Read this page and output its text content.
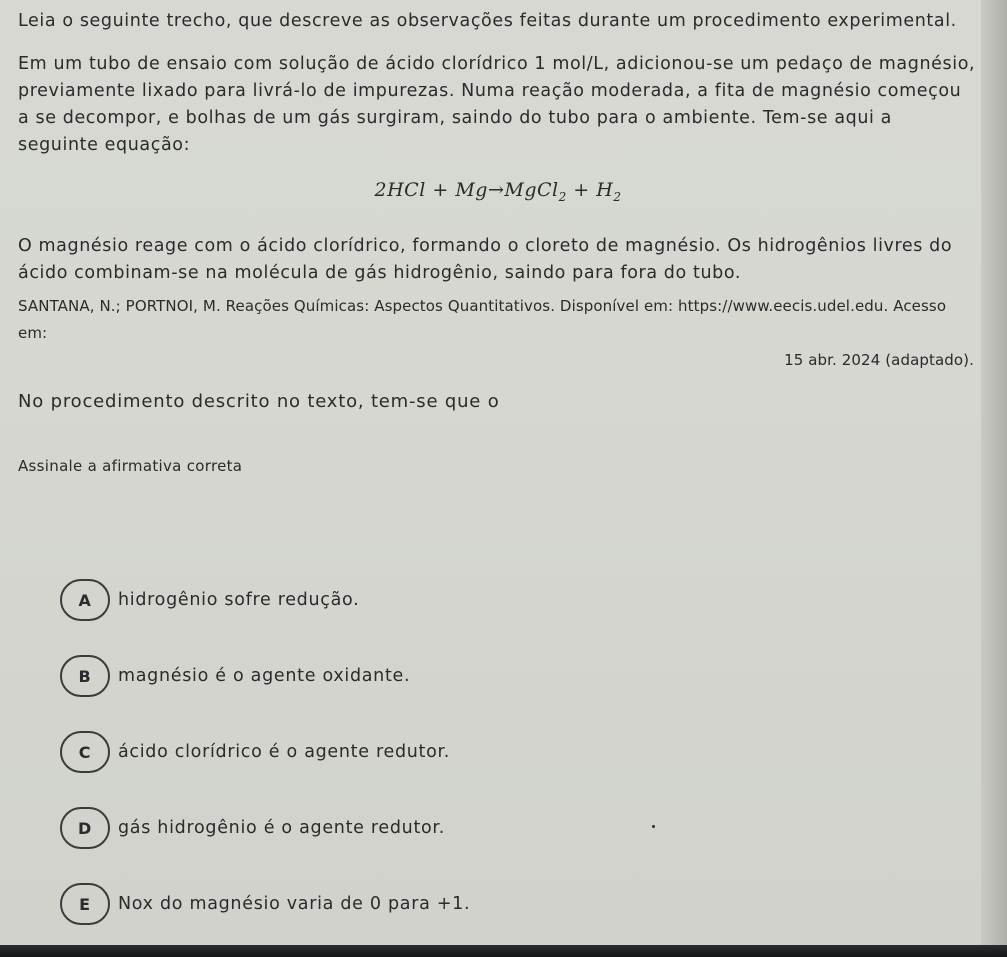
Leia o seguinte trecho, que descreve as observações feitas durante um procedimento experimental.

Em um tubo de ensaio com solução de ácido clorídrico 1 mol/L, adicionou-se um pedaço de magnésio, previamente lixado para livrá-lo de impurezas. Numa reação moderada, a fita de magnésio começou a se decompor, e bolhas de um gás surgiram, saindo do tubo para o ambiente. Tem-se aqui a seguinte equação:

2HCl + Mg→MgCl$_2$ + $H_2$

O magnésio reage com o ácido clorídrico, formando o cloreto de magnésio. Os hidrogênios livres do ácido combinam-se na molécula de gás hidrogênio, saindo para fora do tubo.

SANTANA, N.; PORTNOI, M. Reações Químicas: Aspectos Quantitativos. Disponível em: https://www.eecis.udel.edu. Acesso em:
15 abr. 2024 (adaptado).
No procedimento descrito no texto, tem-se que o
Assinale a afirmativa correta
A	hidrogênio sofre redução.
B	magnésio é o agente oxidante.
C	ácido clorídrico é o agente redutor.
D	gás hidrogênio é o agente redutor.
E	Nox do magnésio varia de 0 para +1.
